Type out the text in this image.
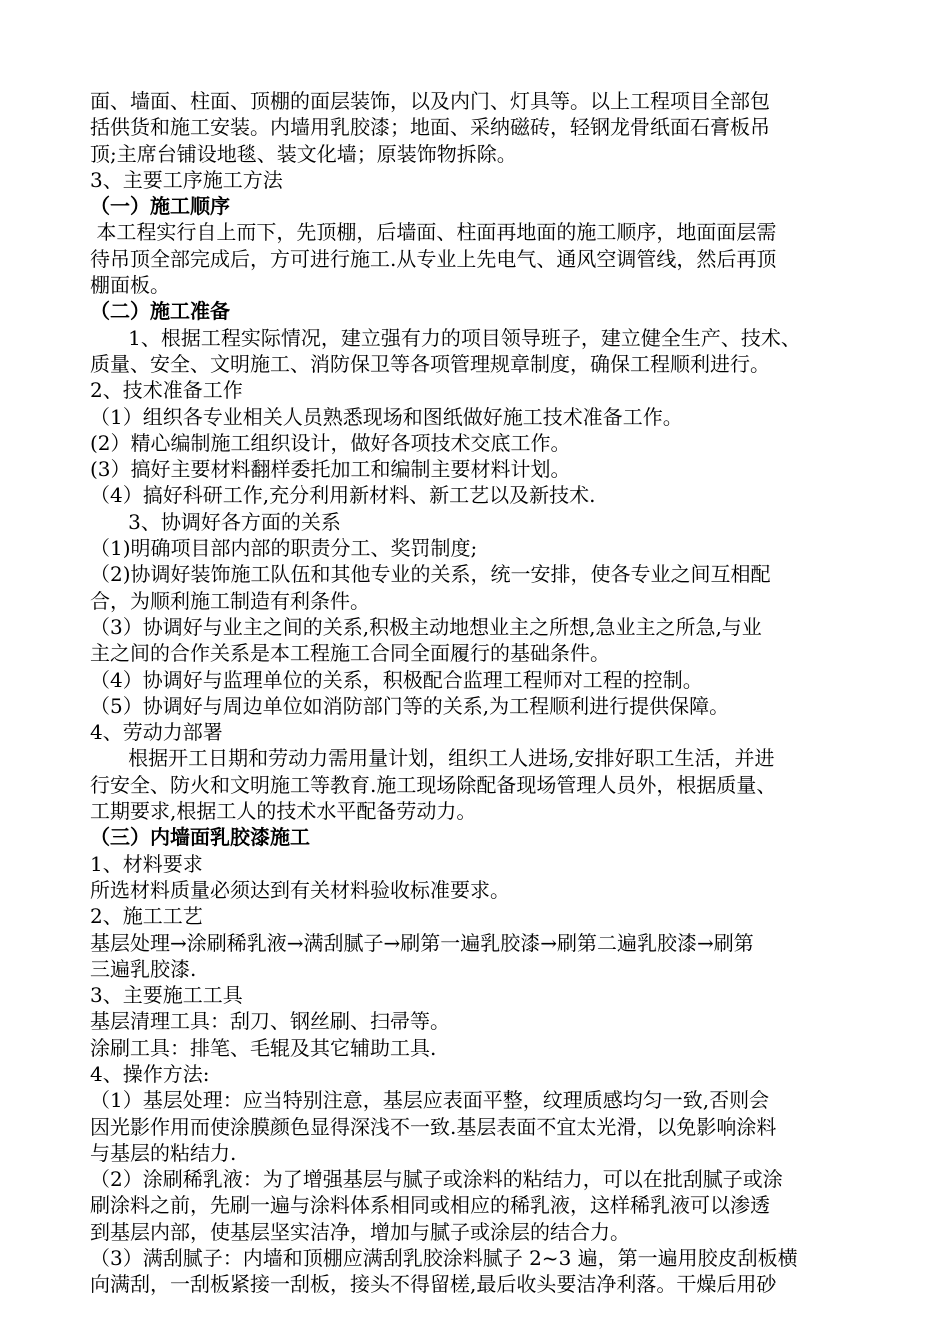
面、墙面、柱面、顶棚的面层装饰，以及内门、灯具等。以上工程项目全部包
括供货和施工安装。内墙用乳胶漆；地面、采纳磁砖，轻钢龙骨纸面石膏板吊
顶;主席台铺设地毯、装文化墙；原装饰物拆除。
3、主要工序施工方法
（一）施工顺序
本工程实行自上而下，先顶棚，后墙面、柱面再地面的施工顺序，地面面层需
待吊顶全部完成后，方可进行施工.从专业上先电气、通风空调管线，然后再顶
棚面板。
（二）施工准备
1、根据工程实际情况，建立强有力的项目领导班子，建立健全生产、技术、
质量、安全、文明施工、消防保卫等各项管理规章制度，确保工程顺利进行。
2、技术准备工作
（1）组织各专业相关人员熟悉现场和图纸做好施工技术准备工作。
(2）精心编制施工组织设计，做好各项技术交底工作。
(3）搞好主要材料翻样委托加工和编制主要材料计划。
（4）搞好科研工作,充分利用新材料、新工艺以及新技术.
3、协调好各方面的关系
（1)明确项目部内部的职责分工、奖罚制度;
（2)协调好装饰施工队伍和其他专业的关系，统一安排，使各专业之间互相配
合，为顺利施工制造有利条件。
（3）协调好与业主之间的关系,积极主动地想业主之所想,急业主之所急,与业
主之间的合作关系是本工程施工合同全面履行的基础条件。
（4）协调好与监理单位的关系，积极配合监理工程师对工程的控制。
（5）协调好与周边单位如消防部门等的关系,为工程顺利进行提供保障。
4、劳动力部署
根据开工日期和劳动力需用量计划，组织工人进场,安排好职工生活，并进
行安全、防火和文明施工等教育.施工现场除配备现场管理人员外，根据质量、
工期要求,根据工人的技术水平配备劳动力。
（三）内墙面乳胶漆施工
1、材料要求
所选材料质量必须达到有关材料验收标准要求。
2、施工工艺
基层处理→涂刷稀乳液→满刮腻子→刷第一遍乳胶漆→刷第二遍乳胶漆→刷第
三遍乳胶漆.
3、主要施工工具
基层清理工具：刮刀、钢丝刷、扫帚等。
涂刷工具：排笔、毛辊及其它辅助工具.
4、操作方法:
（1）基层处理：应当特别注意，基层应表面平整，纹理质感均匀一致,否则会
因光影作用而使涂膜颜色显得深浅不一致.基层表面不宜太光滑，以免影响涂料
与基层的粘结力.
（2）涂刷稀乳液：为了增强基层与腻子或涂料的粘结力，可以在批刮腻子或涂
刷涂料之前，先刷一遍与涂料体系相同或相应的稀乳液，这样稀乳液可以渗透
到基层内部，使基层坚实洁净，增加与腻子或涂层的结合力。
（3）满刮腻子：内墙和顶棚应满刮乳胶涂料腻子 2~3 遍，第一遍用胶皮刮板横
向满刮，一刮板紧接一刮板，接头不得留槎,最后收头要洁净利落。干燥后用砂
